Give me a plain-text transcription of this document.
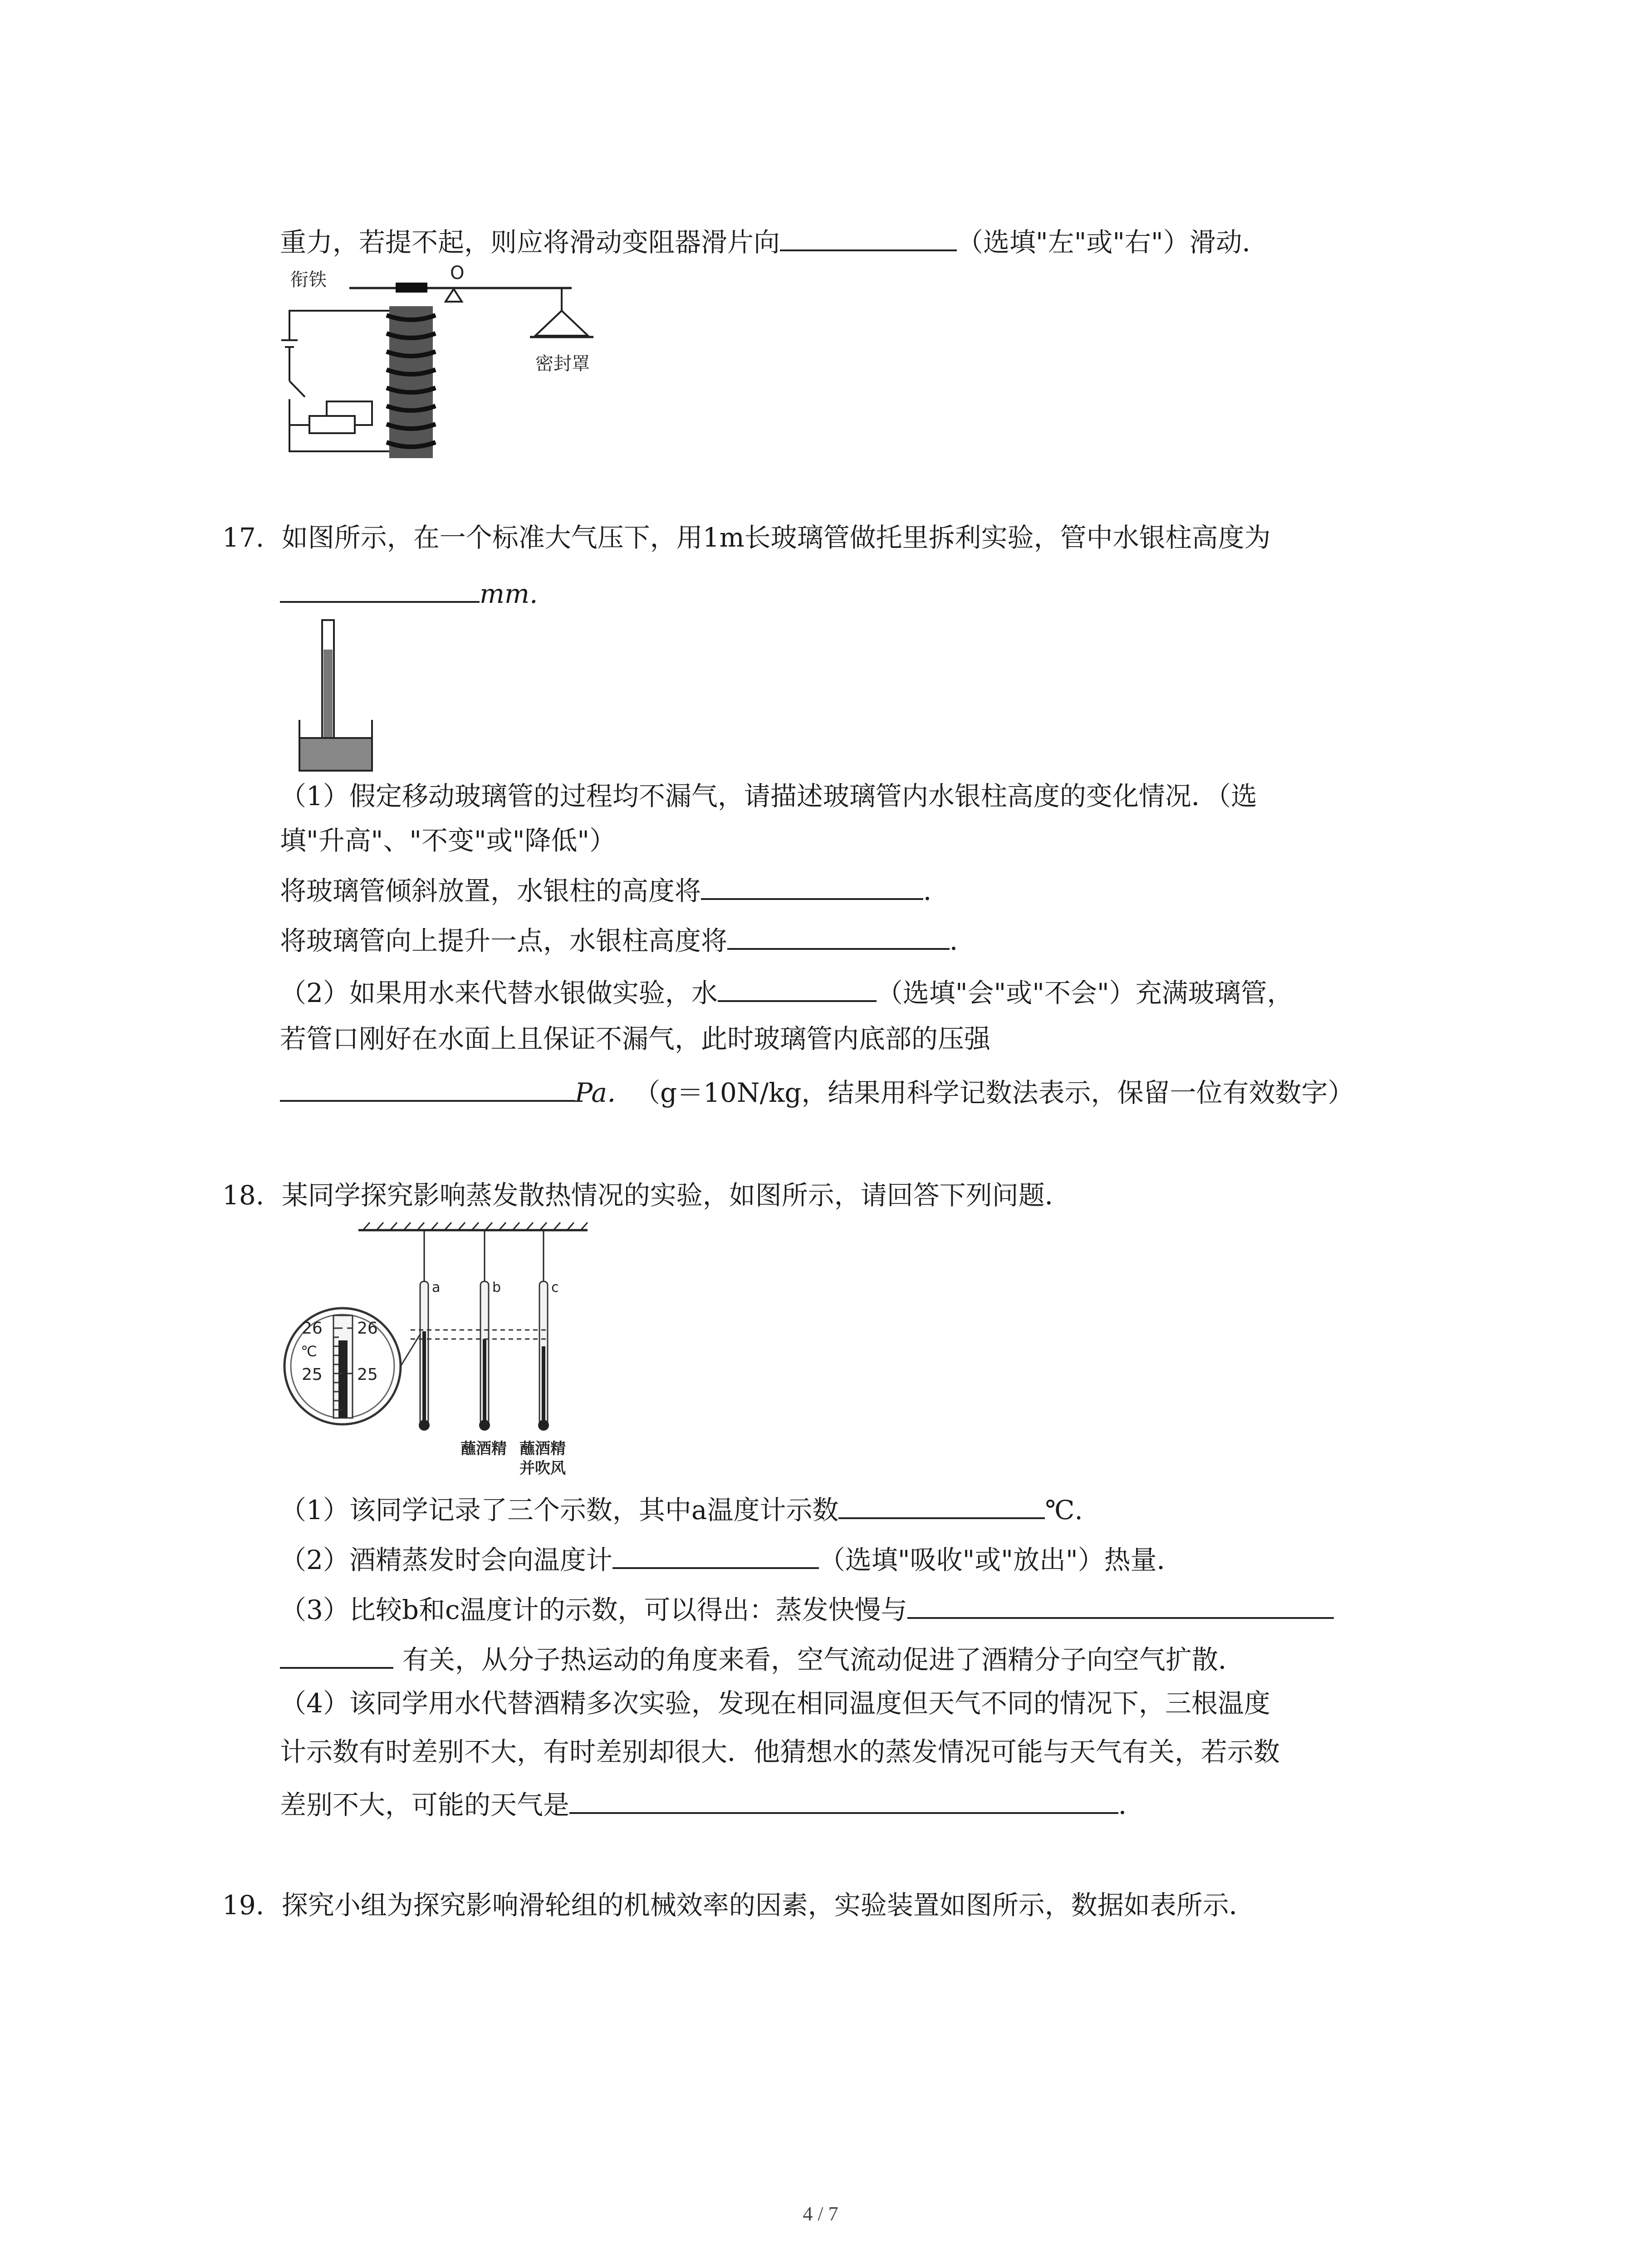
重力，若提不起，则应将滑动变阻器滑片向	（选填"左"或"右"）滑动．
衔铁	O
密封罩
17. 如图所示，在一个标准大气压下，用1m长玻璃管做托里拆利实验，管中水银柱高度为
mm.
（1）假定移动玻璃管的过程均不漏气，请描述玻璃管内水银柱高度的变化情况．（选
填"升高"、"不变"或"降低"）
将玻璃管倾斜放置，水银柱的高度将	．
将玻璃管向上提升一点，水银柱高度将	．
（2）如果用水来代替水银做实验，水	（选填"会"或"不会"）充满玻璃管，
若管口刚好在水面上且保证不漏气，此时玻璃管内底部的压强
Pa． （g＝10N/kg，结果用科学记数法表示，保留一位有效数字）
18. 某同学探究影响蒸发散热情况的实验，如图所示，请回答下列问题．
a	b	c
26 26
℃
25 25
蘸酒精 蘸酒精
并吹风
（1）该同学记录了三个示数，其中a温度计示数	℃.
（2）酒精蒸发时会向温度计	（选填"吸收"或"放出"）热量．
（3）比较b和c温度计的示数，可以得出：蒸发快慢与
有关，从分子热运动的角度来看，空气流动促进了酒精分子向空气扩散．
（4）该同学用水代替酒精多次实验，发现在相同温度但天气不同的情况下，三根温度
计示数有时差别不大，有时差别却很大．他猜想水的蒸发情况可能与天气有关，若示数
差别不大，可能的天气是	．
19. 探究小组为探究影响滑轮组的机械效率的因素，实验装置如图所示，数据如表所示．
4 / 7
